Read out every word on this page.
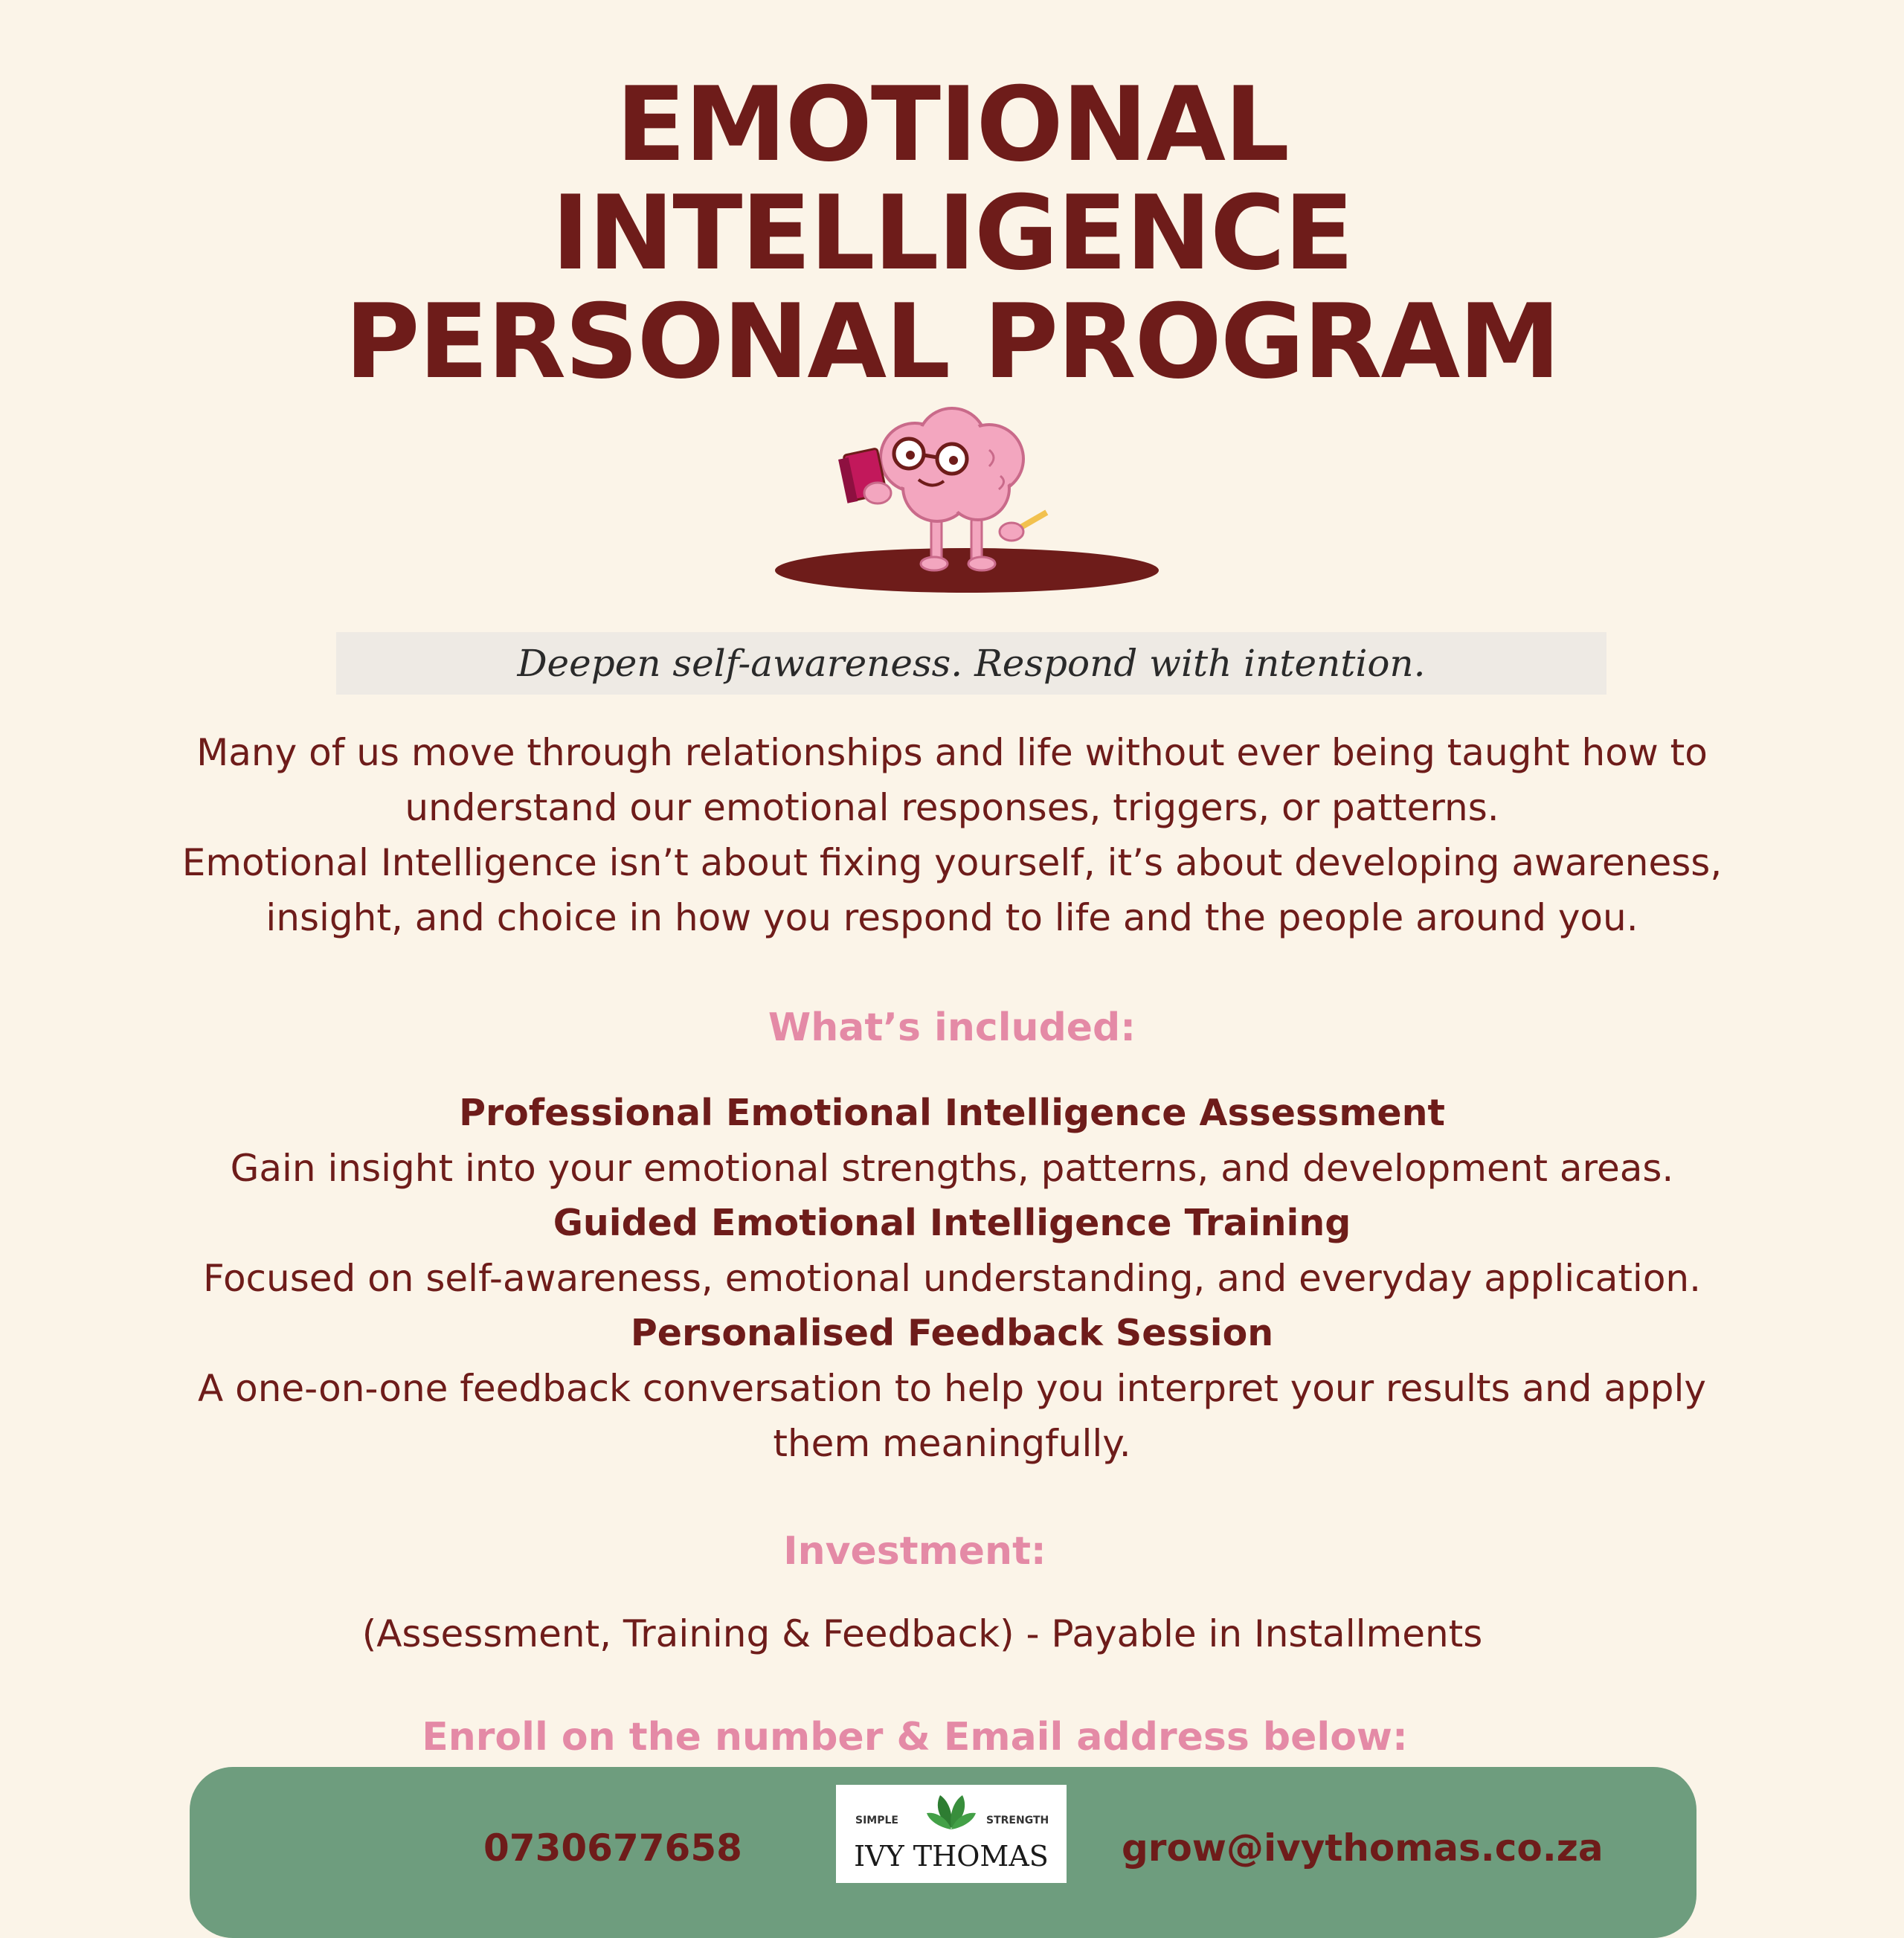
EMOTIONAL
INTELLIGENCE
PERSONAL PROGRAM
Deepen self-awareness. Respond with intention.
Many of us move through relationships and life without ever being taught how to
understand our emotional responses, triggers, or patterns.
Emotional Intelligence isn’t about fixing yourself, it’s about developing awareness,
insight, and choice in how you respond to life and the people around you.
What’s included:
Professional Emotional Intelligence Assessment
Gain insight into your emotional strengths, patterns, and development areas.
Guided Emotional Intelligence Training
Focused on self-awareness, emotional understanding, and everyday application.
Personalised Feedback Session
A one-on-one feedback conversation to help you interpret your results and apply
them meaningfully.
Investment:
(Assessment, Training & Feedback) - Payable in Installments
Enroll on the number & Email address below:
0730677658
SIMPLE	STRENGTH
IVY THOMAS	grow@ivythomas.co.za
